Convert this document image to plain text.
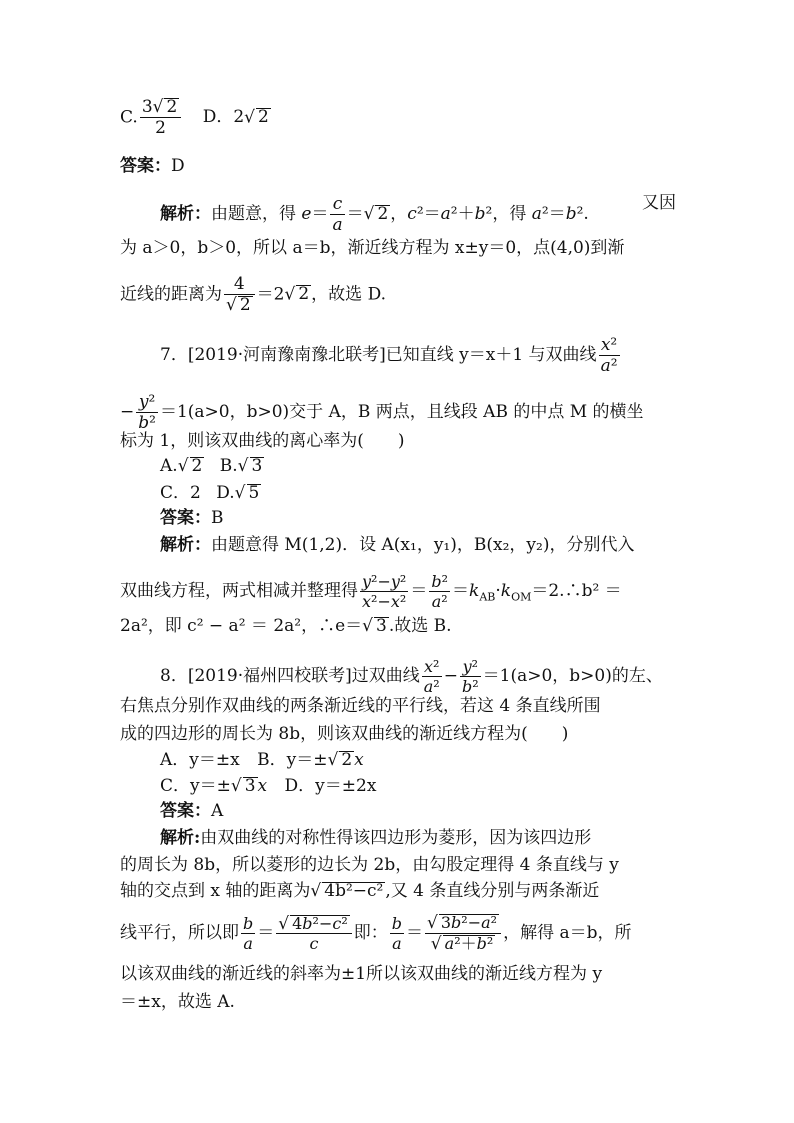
C. $\frac{3√ 2}{2}$ D．2√ 2
答案：D
解析：由题意，得 $e= \frac{c}{a}$ ＝√ 2 ，c²＝a²＋b²，得 a²＝b².
又因
为 a＞0，b＞0，所以 a＝b，渐近线方程为 x±y＝0，点(4,0)到渐
近线的距离为 $\frac{4}{√ 2} =2√$ 2 ，故选 D.
7．[2019·河南豫南豫北联考]已知直线 y＝x＋1 与双曲线 $\frac{\text{x²}}{\text{a²}}$
− $\frac{\text{y²}}{\text{b²}} =1(a>0$，b>0)交于 A，B 两点，且线段 AB 的中点 M 的横坐
标为 1，则该双曲线的离心率为(　　)
A.√ 2 B.√ 3
C．2 D.√ 5
答案：B
解析：由题意得 M(1,2)．设 A(x₁，y₁)，B(x₂，y₂)，分别代入
双曲线方程，两式相减并整理得 $\frac{\text{y²−y²}}{\text{x²−x²}} = \frac{\text{b²}}{\text{a²}}$ $=k_{AB}\cdot k_{OM}=2.\therefore b^2$ ＝
2a²，即 c² − a² ＝ 2a²，∴e＝√ 3 .故选 B.
8．[2019·福州四校联考]过双曲线 $\frac{\text{x²}}{\text{a²}} - \frac{\text{y²}}{\text{b²}} =1(a>0$，b>0)的左、
右焦点分别作双曲线的两条渐近线的平行线，若这 4 条直线所围
成的四边形的周长为 8b，则该双曲线的渐近线方程为(　　)
A．y＝±x B．y＝±√ 2 x
C．y＝±√ 3 x D．y＝±2x
答案：A
解析:由双曲线的对称性得该四边形为菱形，因为该四边形
的周长为 8b，所以菱形的边长为 2b，由勾股定理得 4 条直线与 y
轴的交点到 x 轴的距离为√ 4b²−c² ,又 4 条直线分别与两条渐近
线平行，所以即 $\frac{b}{a} = \frac{\text{√ 4b²−c²}}{c}$ 即： $\frac{b}{a} = \frac{\text{√ 3b²−a²}}{\text{√ a²＋b²}}$ ，解得 a＝b，所
以该双曲线的渐近线的斜率为±1所以该双曲线的渐近线方程为 y
＝±x，故选 A.
